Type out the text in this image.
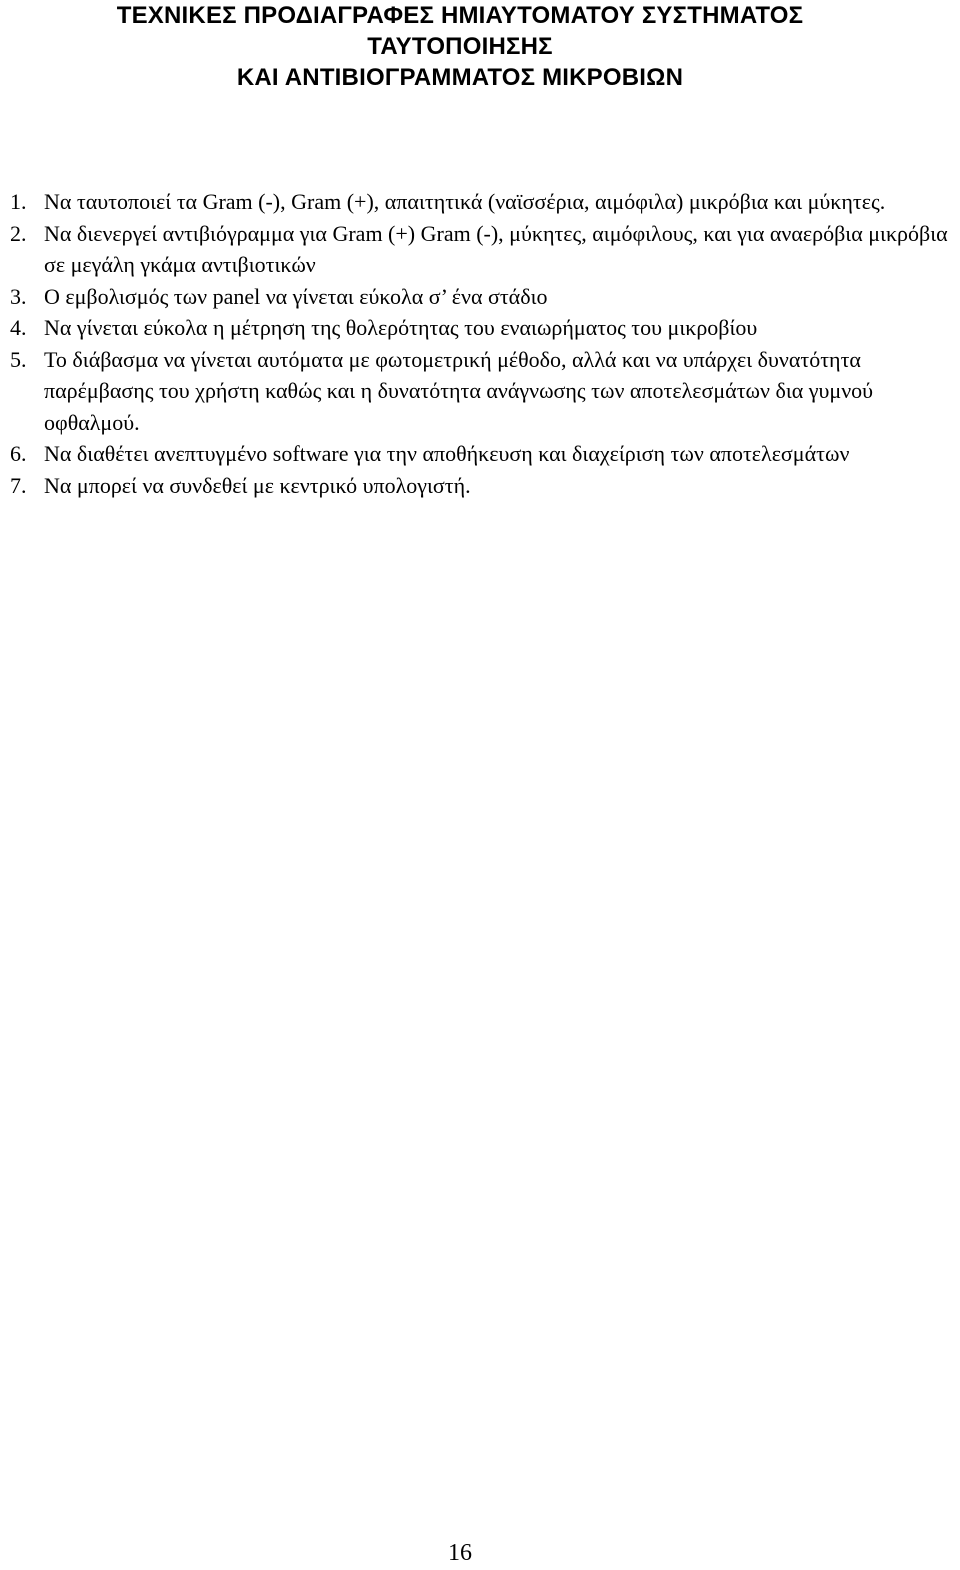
ΤΕΧΝΙΚΕΣ ΠΡΟΔΙΑΓΡΑΦΕΣ ΗΜΙΑΥΤΟΜΑΤΟΥ ΣΥΣΤΗΜΑΤΟΣ
ΤΑΥΤΟΠΟΙΗΣΗΣ
ΚΑΙ ΑΝΤΙΒΙΟΓΡΑΜΜΑΤΟΣ ΜΙΚΡΟΒΙΩΝ
1. Να ταυτοποιεί τα Gram (-), Gram (+), απαιτητικά (ναϊσσέρια, αιμόφιλα) μικρόβια και μύκητες.
2. Να διενεργεί αντιβιόγραμμα για Gram (+) Gram (-), μύκητες, αιμόφιλους, και για αναερόβια μικρόβια σε μεγάλη γκάμα αντιβιοτικών
3. Ο εμβολισμός των panel να γίνεται εύκολα σ’ ένα στάδιο
4. Να γίνεται εύκολα η μέτρηση της θολερότητας του εναιωρήματος του μικροβίου
5. Το διάβασμα να γίνεται αυτόματα με φωτομετρική μέθοδο, αλλά και να υπάρχει δυνατότητα παρέμβασης του χρήστη καθώς και η δυνατότητα ανάγνωσης των αποτελεσμάτων δια γυμνού οφθαλμού.
6. Να διαθέτει ανεπτυγμένο software για την αποθήκευση και διαχείριση των αποτελεσμάτων
7. Να μπορεί να συνδεθεί με κεντρικό υπολογιστή.
16
